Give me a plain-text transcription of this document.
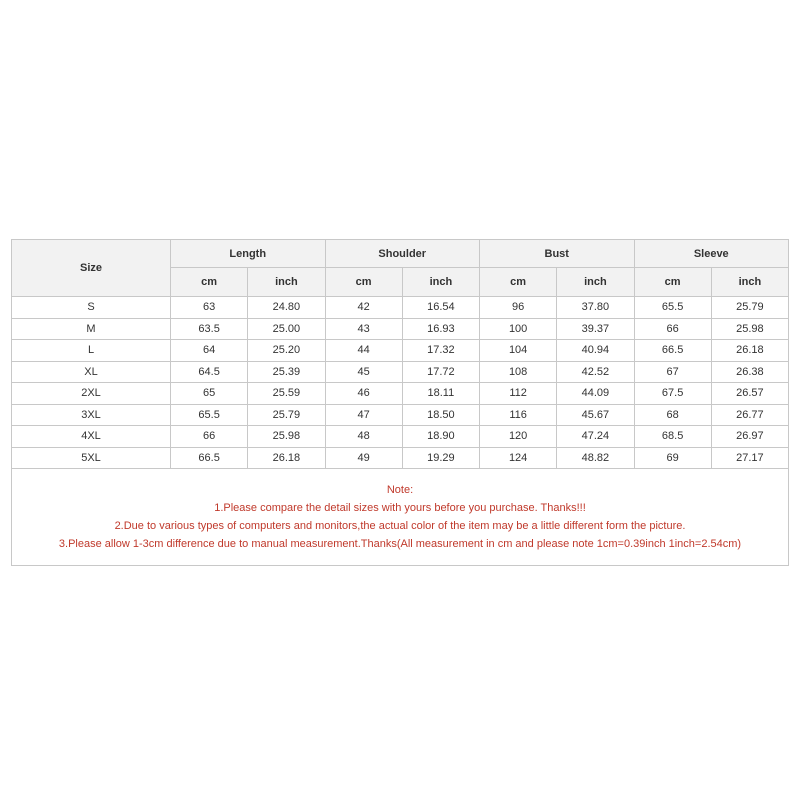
Size	Length		Shoulder		Bust		Sleeve	
	cm	inch	cm	inch	cm	inch	cm	inch
S	63	24.80	42	16.54	96	37.80	65.5	25.79
M	63.5	25.00	43	16.93	100	39.37	66	25.98
L	64	25.20	44	17.32	104	40.94	66.5	26.18
XL	64.5	25.39	45	17.72	108	42.52	67	26.38
2XL	65	25.59	46	18.11	112	44.09	67.5	26.57
3XL	65.5	25.79	47	18.50	116	45.67	68	26.77
4XL	66	25.98	48	18.90	120	47.24	68.5	26.97
5XL	66.5	26.18	49	19.29	124	48.82	69	27.17
Note:
1.Please compare the detail sizes with yours before you purchase. Thanks!!!
2.Due to various types of computers and monitors,the actual color of the item may be a little different form the picture.
3.Please allow 1-3cm difference due to manual measurement.Thanks(All measurement in cm and please note 1cm=0.39inch 1inch=2.54cm)
